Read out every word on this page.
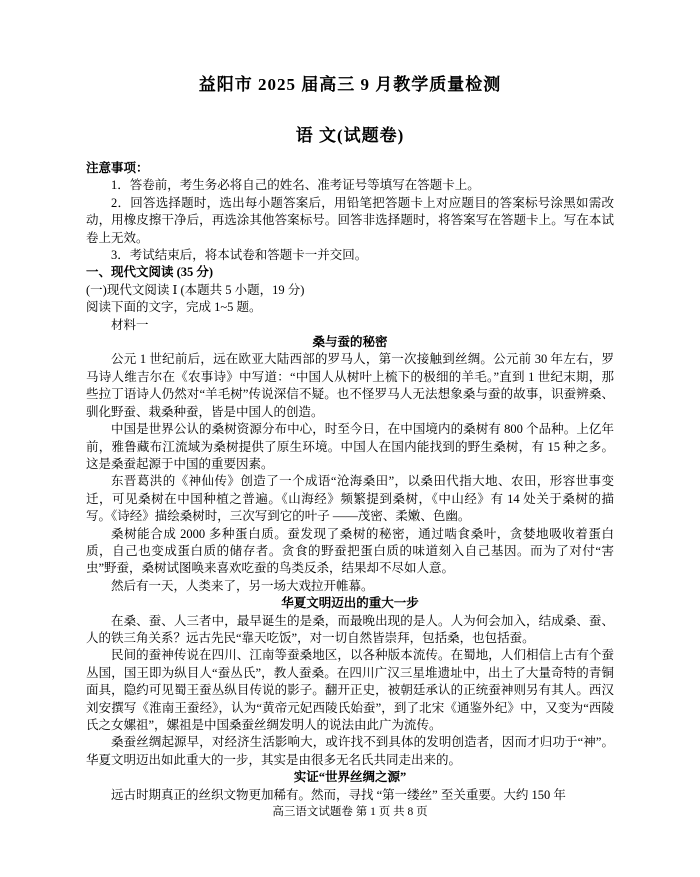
益阳市 2025 届高三 9 月教学质量检测
语 文(试题卷)

注意事项：

1．答卷前，考生务必将自己的姓名、准考证号等填写在答题卡上。

2．回答选择题时，选出每小题答案后，用铅笔把答题卡上对应题目的答案标号涂黑如需改动，用橡皮擦干净后，再选涂其他答案标号。回答非选择题时，将答案写在答题卡上。写在本试卷上无效。

3．考试结束后，将本试卷和答题卡一并交回。

一、现代文阅读 (35 分)

(一)现代文阅读 Ⅰ (本题共 5 小题，19 分)

阅读下面的文字，完成 1~5 题。

材料一

桑与蚕的秘密

公元 1 世纪前后，远在欧亚大陆西部的罗马人，第一次接触到丝绸。公元前 30 年左右，罗马诗人维吉尔在《农事诗》中写道：“中国人从树叶上梳下的极细的羊毛。”直到 1 世纪末期，那些拉丁语诗人仍然对“羊毛树”传说深信不疑。也不怪罗马人无法想象桑与蚕的故事，识蚕辨桑、驯化野蚕、栽桑种蚕，皆是中国人的创造。

中国是世界公认的桑树资源分布中心，时至今日，在中国境内的桑树有 800 个品种。上亿年前，雅鲁藏布江流域为桑树提供了原生环境。中国人在国内能找到的野生桑树，有 15 种之多。这是桑蚕起源于中国的重要因素。

东晋葛洪的《神仙传》创造了一个成语“沧海桑田”，以桑田代指大地、农田，形容世事变迁，可见桑树在中国种植之普遍。《山海经》频繁提到桑树，《中山经》有 14 处关于桑树的描写。《诗经》描绘桑树时，三次写到它的叶子 ——茂密、柔嫩、色幽。

桑树能合成 2000 多种蛋白质。蚕发现了桑树的秘密，通过啮食桑叶，贪婪地吸收着蛋白质，自己也变成蛋白质的储存者。贪食的野蚕把蛋白质的味道刻入自己基因。而为了对付“害虫”野蚕，桑树试图唤来喜欢吃蚕的鸟类反杀，结果却不尽如人意。

然后有一天，人类来了，另一场大戏拉开帷幕。

华夏文明迈出的重大一步

在桑、蚕、人三者中，最早诞生的是桑，而最晚出现的是人。人为何会加入，结成桑、蚕、人的铁三角关系？远古先民“靠天吃饭”，对一切自然皆崇拜，包括桑，也包括蚕。

民间的蚕神传说在四川、江南等蚕桑地区，以各种版本流传。在蜀地，人们相信上古有个蚕丛国，国王即为纵目人“蚕丛氏”，教人蚕桑。在四川广汉三星堆遗址中，出土了大量奇特的青铜面具，隐约可见蜀王蚕丛纵目传说的影子。翻开正史，被朝廷承认的正统蚕神则另有其人。西汉刘安撰写《淮南王蚕经》，认为“黄帝元妃西陵氏始蚕”，到了北宋《通鉴外纪》中，又变为“西陵氏之女嫘祖”，嫘祖是中国桑蚕丝绸发明人的说法由此广为流传。

桑蚕丝绸起源早，对经济生活影响大，或许找不到具体的发明创造者，因而才归功于“神”。华夏文明迈出如此重大的一步，其实是由很多无名氏共同走出来的。

实证“世界丝绸之源”

远古时期真正的丝织文物更加稀有。然而，寻找 “第一缕丝” 至关重要。大约 150 年

高三语文试题卷 第 1 页 共 8 页
